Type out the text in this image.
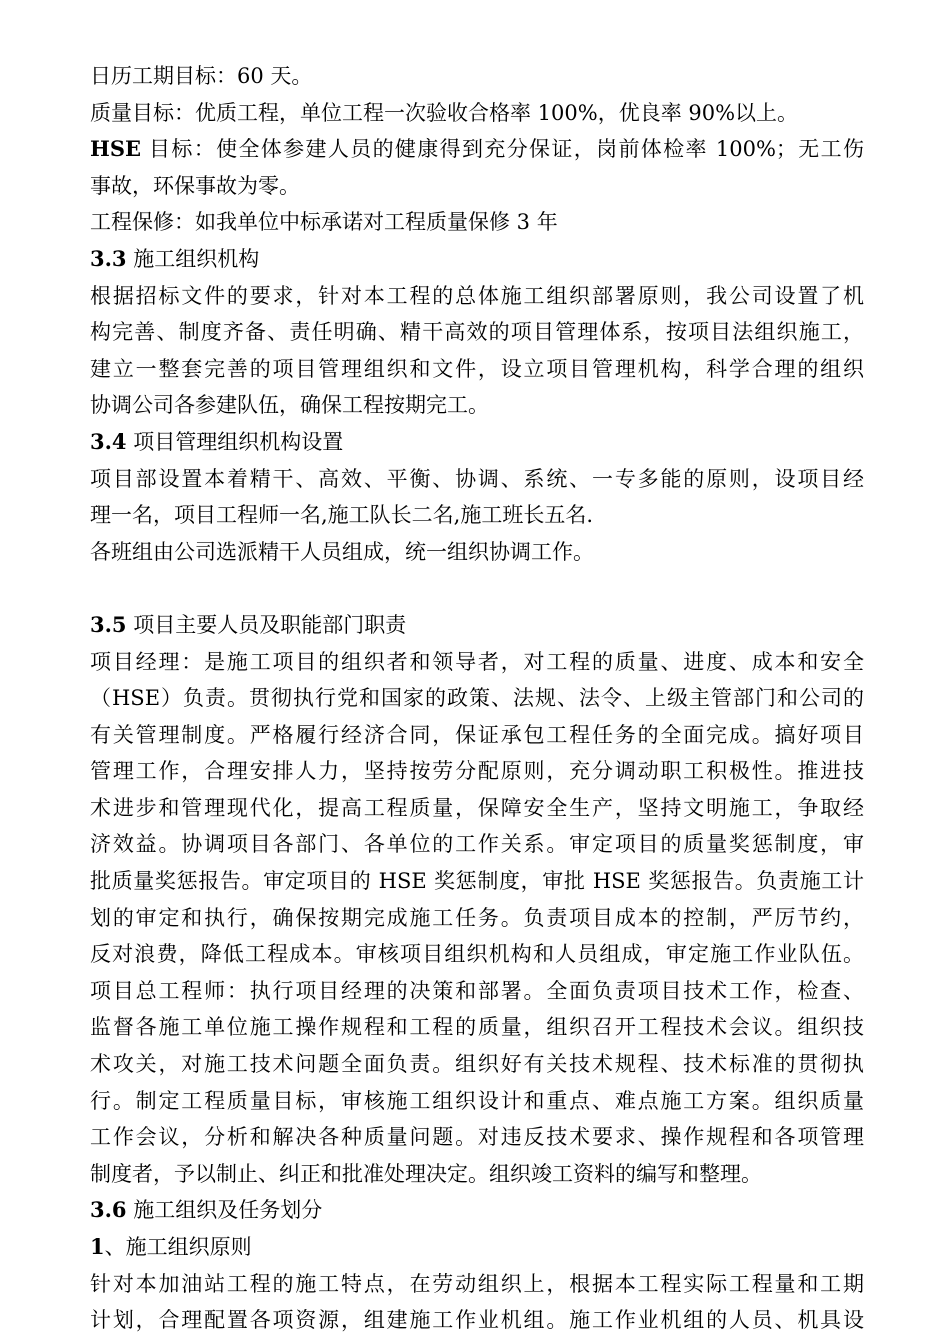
日历工期目标：60 天。
质量目标：优质工程，单位工程一次验收合格率 100%，优良率 90%以上。
HSE 目标：使全体参建人员的健康得到充分保证，岗前体检率 100%；无工伤
事故，环保事故为零。
工程保修：如我单位中标承诺对工程质量保修 3 年
3.3 施工组织机构
根据招标文件的要求，针对本工程的总体施工组织部署原则，我公司设置了机
构完善、制度齐备、责任明确、精干高效的项目管理体系，按项目法组织施工，
建立一整套完善的项目管理组织和文件，设立项目管理机构，科学合理的组织
协调公司各参建队伍，确保工程按期完工。
3.4 项目管理组织机构设置
项目部设置本着精干、高效、平衡、协调、系统、一专多能的原则，设项目经
理一名，项目工程师一名,施工队长二名,施工班长五名.
各班组由公司选派精干人员组成，统一组织协调工作。
3.5 项目主要人员及职能部门职责
项目经理：是施工项目的组织者和领导者，对工程的质量、进度、成本和安全
（HSE）负责。贯彻执行党和国家的政策、法规、法令、上级主管部门和公司的
有关管理制度。严格履行经济合同，保证承包工程任务的全面完成。搞好项目
管理工作，合理安排人力，坚持按劳分配原则，充分调动职工积极性。推进技
术进步和管理现代化，提高工程质量，保障安全生产，坚持文明施工，争取经
济效益。协调项目各部门、各单位的工作关系。审定项目的质量奖惩制度，审
批质量奖惩报告。审定项目的 HSE 奖惩制度，审批 HSE 奖惩报告。负责施工计
划的审定和执行，确保按期完成施工任务。负责项目成本的控制，严厉节约，
反对浪费，降低工程成本。审核项目组织机构和人员组成，审定施工作业队伍。
项目总工程师：执行项目经理的决策和部署。全面负责项目技术工作，检查、
监督各施工单位施工操作规程和工程的质量，组织召开工程技术会议。组织技
术攻关，对施工技术问题全面负责。组织好有关技术规程、技术标准的贯彻执
行。制定工程质量目标，审核施工组织设计和重点、难点施工方案。组织质量
工作会议，分析和解决各种质量问题。对违反技术要求、操作规程和各项管理
制度者，予以制止、纠正和批准处理决定。组织竣工资料的编写和整理。
3.6 施工组织及任务划分
1、施工组织原则
针对本加油站工程的施工特点，在劳动组织上，根据本工程实际工程量和工期
计划，合理配置各项资源，组建施工作业机组。施工作业机组的人员、机具设
